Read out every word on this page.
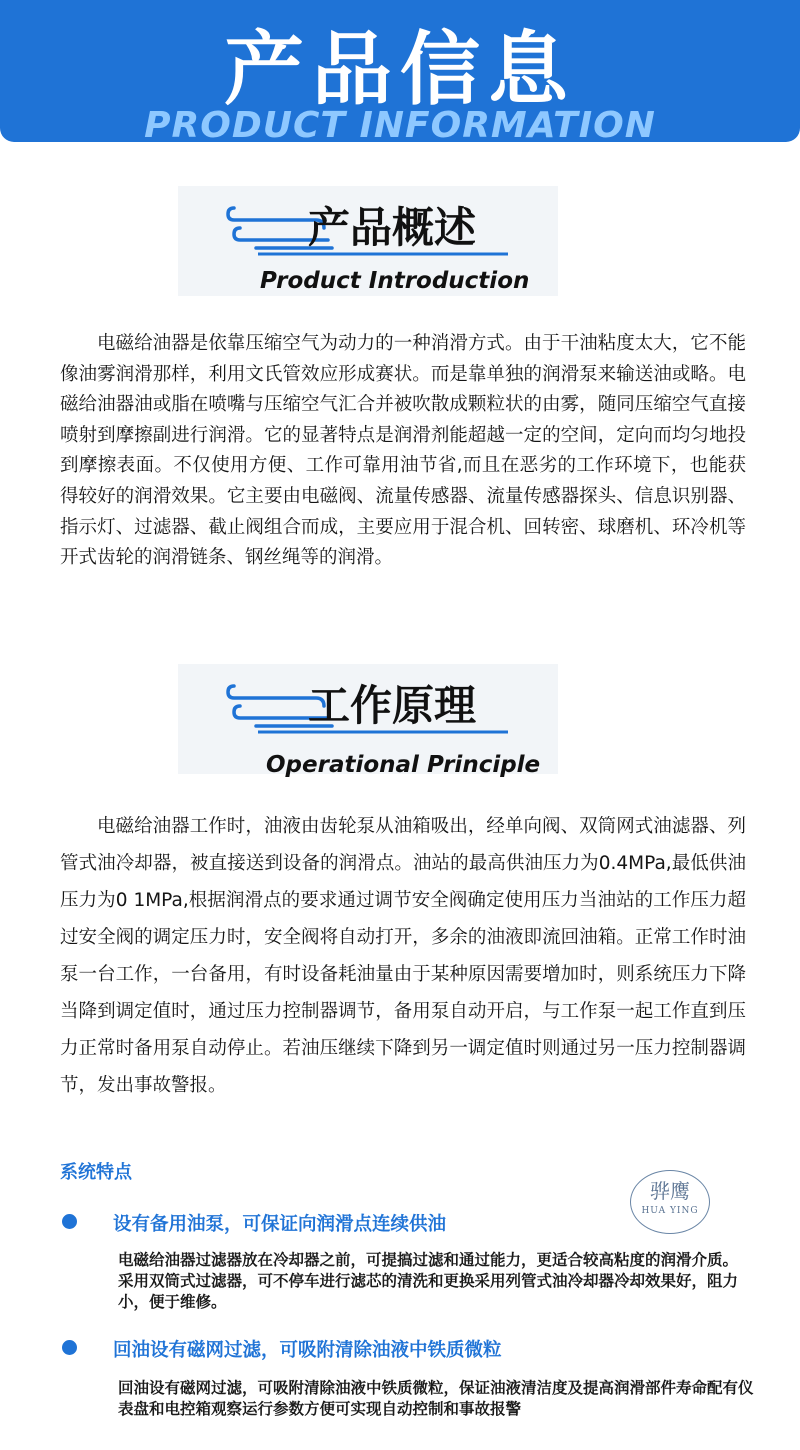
产品信息
PRODUCT INFORMATION
产品概述
Product Introduction

电磁给油器是依靠压缩空气为动力的一种消滑方式。由于干油粘度太大，它不能像油雾润滑那样，利用文氏管效应形成赛状。而是靠单独的润滑泵来输送油或略。电磁给油器油或脂在喷嘴与压缩空气汇合并被吹散成颗粒状的由雾，随同压缩空气直接喷射到摩擦副进行润滑。它的显著特点是润滑剂能超越一定的空间，定向而均匀地投到摩擦表面。不仅使用方便、工作可靠用油节省,而且在恶劣的工作环境下，也能获得较好的润滑效果。它主要由电磁阀、流量传感器、流量传感器探头、信息识别器、指示灯、过滤器、截止阀组合而成，主要应用于混合机、回转密、球磨机、环冷机等开式齿轮的润滑链条、钢丝绳等的润滑。

工作原理
Operational Principle

电磁给油器工作时，油液由齿轮泵从油箱吸出，经单向阀、双筒网式油滤器、列管式油冷却器，被直接送到设备的润滑点。油站的最高供油压力为0.4MPa,最低供油压力为0 1MPa,根据润滑点的要求通过调节安全阀确定使用压力当油站的工作压力超过安全阀的调定压力时，安全阀将自动打开，多余的油液即流回油箱。正常工作时油泵一台工作，一台备用，有时设备耗油量由于某种原因需要增加时，则系统压力下降当降到调定值时，通过压力控制器调节，备用泵自动开启，与工作泵一起工作直到压力正常时备用泵自动停止。若油压继续下降到另一调定值时则通过另一压力控制器调节，发出事故警报。

系统特点
骅鹰
HUA YING
设有备用油泵，可保证向润滑点连续供油

电磁给油器过滤器放在冷却器之前，可提搞过滤和通过能力，更适合较高粘度的润滑介质。 采用双筒式过滤器，可不停车进行滤芯的清洗和更换采用列管式油冷却器冷却效果好，阻力小，便于维修。

回油设有磁网过滤，可吸附清除油液中铁质微粒

回油设有磁网过滤，可吸附清除油液中铁质微粒，保证油液清洁度及提高润滑部件寿命配有仪表盘和电控箱观察运行参数方便可实现自动控制和事故报警
